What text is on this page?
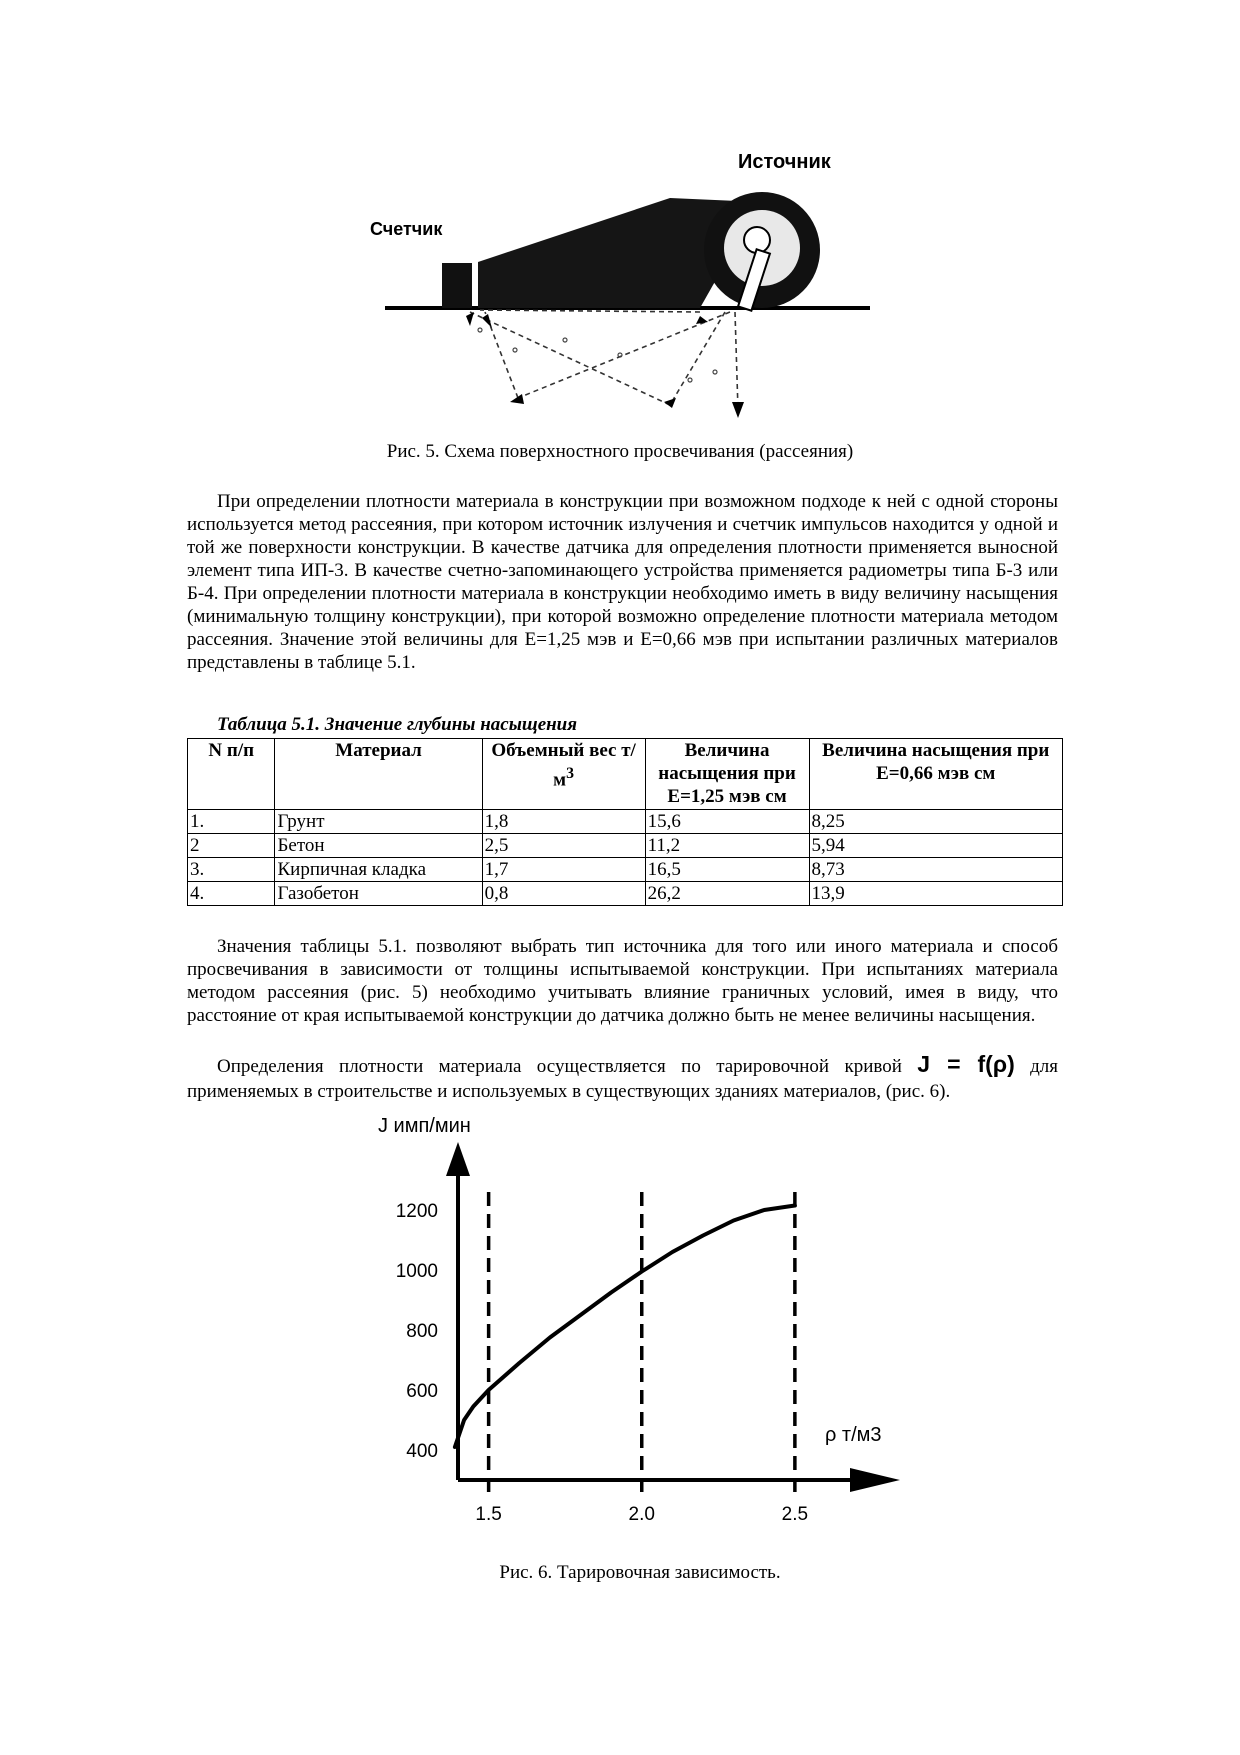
Источник
Счетчик
Рис. 5. Схема поверхностного просвечивания (рассеяния)

При определении плотности материала в конструкции при возможном подходе к ней с одной стороны используется метод рассеяния, при котором источник излучения и счетчик импульсов находится у одной и той же поверхности конструкции. В качестве датчика для определения плотности применяется выносной элемент типа ИП-3. В качестве счетно-запоминающего устройства применяется радиометры типа Б-3 или Б-4. При определении плотности материала в конструкции необходимо иметь в виду величину насыщения (минимальную толщину конструкции), при которой возможно определение плотности материала методом рассеяния. Значение этой величины для Е=1,25 мэв и Е=0,66 мэв при испытании различных материалов представлены в таблице 5.1.

Таблица 5.1. Значение глубины насыщения
N п/п	Материал	Объемный вес $т/м^3$	Величина насыщения при Е=1,25 мэв см	Величина насыщения при Е=0,66 мэв см
1.	Грунт	1,8	15,6	8,25
2	Бетон	2,5	11,2	5,94
3.	Кирпичная кладка	1,7	16,5	8,73
4.	Газобетон	0,8	26,2	13,9

Значения таблицы 5.1. позволяют выбрать тип источника для того или иного материала и способ просвечивания в зависимости от толщины испытываемой конструкции. При испытаниях материала методом рассеяния (рис. 5) необходимо учитывать влияние граничных условий, имея в виду, что расстояние от края испытываемой конструкции до датчика должно быть не менее величины насыщения.

Определения плотности материала осуществляется по тарировочной кривой J = f(ρ) для применяемых в строительстве и используемых в существующих зданиях материалов, (рис. 6).

J имп/мин
ρ т/м3
1200
1000
800
600
400
1.5	2.0	2.5
Рис. 6. Тарировочная зависимость.
